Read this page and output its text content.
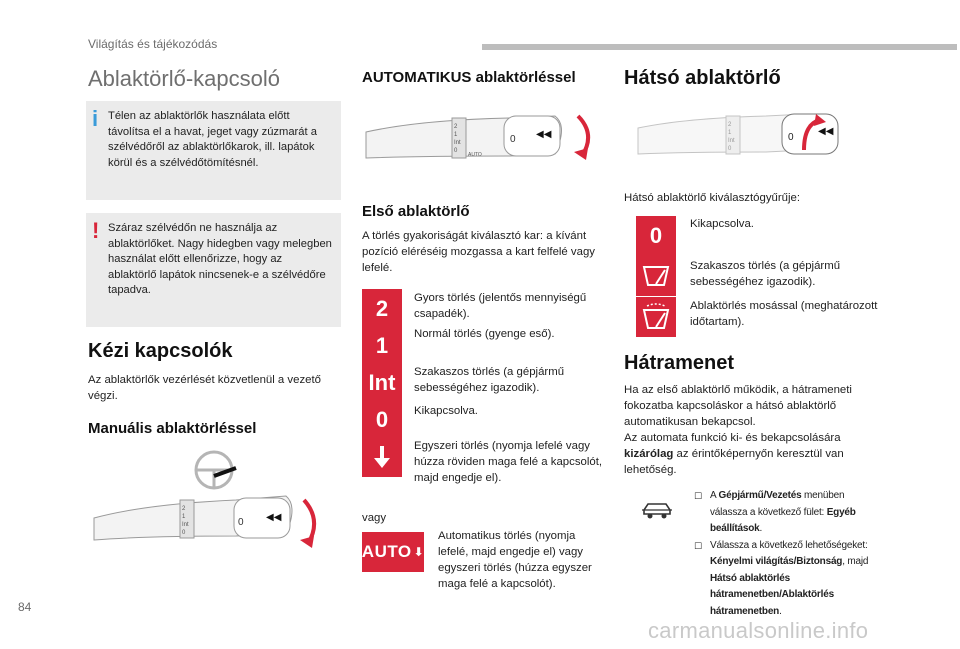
Világítás és tájékozódás
Ablaktörlő-kapcsoló
i Télen az ablaktörlők használata előtt távolítsa el a havat, jeget vagy zúzmarát a szélvédőről az ablaktörlőkarok, ill. lapátok körül és a szélvédőtömítésnél.

! Száraz szélvédőn ne használja az ablaktörlőket. Nagy hidegben vagy melegben használat előtt ellenőrizze, hogy az ablaktörlő lapátok nincsenek-e a szélvédőre tapadva.

Kézi kapcsolók

Az ablaktörlők vezérlését közvetlenül a vezető végzi.

Manuális ablaktörléssel
2
1
Int
0
0 ◀◀
84
AUTOMATIKUS ablaktörléssel
2
1
Int
0
AUTO
0 ◀◀
Első ablaktörlő

A törlés gyakoriságát kiválasztó kar: a kívánt pozíció eléréséig mozgassa a kart felfelé vagy lefelé.

2	Gyors törlés (jelentős mennyiségű csapadék).
1	Normál törlés (gyenge eső).
Int	Szakaszos törlés (a gépjármű sebességéhez igazodik).
0	Kikapcsolva.
Egyszeri törlés (nyomja lefelé vagy húzza röviden maga felé a kapcsolót, majd engedje el).
vagy
AUTO ⬇
Automatikus törlés (nyomja lefelé, majd engedje el) vagy egyszeri törlés (húzza egyszer maga felé a kapcsolót).
Hátsó ablaktörlő
2
1
Int
0
0
◀◀

Hátsó ablaktörlő kiválasztógyűrűje:

0	Kikapcsolva.
Szakaszos törlés (a gépjármű sebességéhez igazodik).
Ablaktörlés mosással (meghatározott időtartam).
Hátramenet

Ha az első ablaktörlő működik, a hátrameneti fokozatba kapcsoláskor a hátsó ablaktörlő automatikusan bekapcsol.

Az automata funkció ki- és bekapcsolására kizárólag az érintőképernyőn keresztül van lehetőség.

☐ A Gépjármű/Vezetés menüben válassza a következő fület: Egyéb beállítások.
☐ Válassza a következő lehetőségeket: Kényelmi világítás/Biztonság, majd Hátsó ablaktörlés hátramenetben/Ablaktörlés hátramenetben.
carmanualsonline.info
